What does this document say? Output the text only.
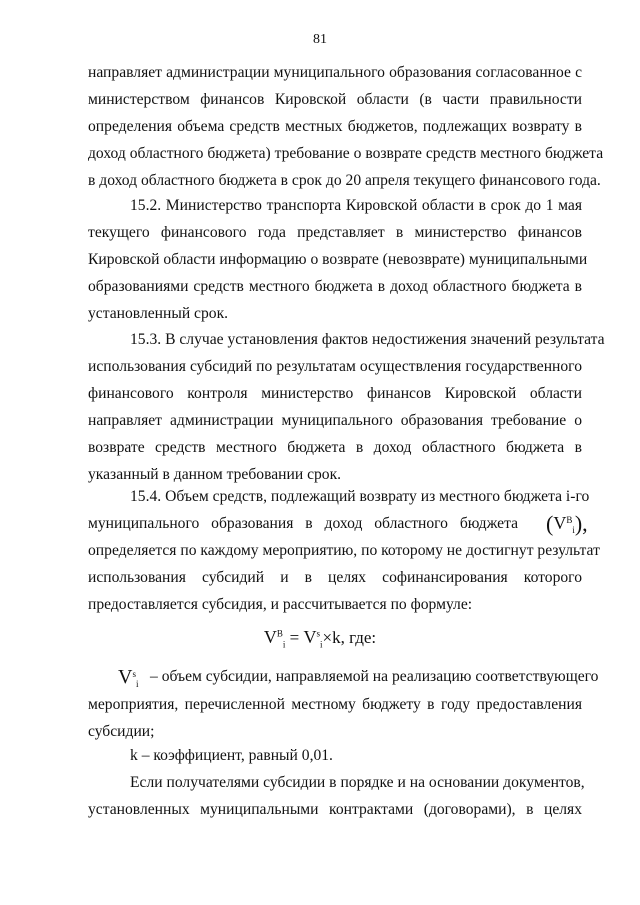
81
направляет администрации муниципального образования согласованное с
министерством финансов Кировской области (в части правильности
определения объема средств местных бюджетов, подлежащих возврату в
доход областного бюджета) требование о возврате средств местного бюджета
в доход областного бюджета в срок до 20 апреля текущего финансового года.
15.2. Министерство транспорта Кировской области в срок до 1 мая
текущего финансового года представляет в министерство финансов
Кировской области информацию о возврате (невозврате) муниципальными
образованиями средств местного бюджета в доход областного бюджета в
установленный срок.
15.3. В случае установления фактов недостижения значений результата
использования субсидий по результатам осуществления государственного
финансового контроля министерство финансов Кировской области
направляет администрации муниципального образования требование о
возврате средств местного бюджета в доход областного бюджета в
указанный в данном требовании срок.
15.4. Объем средств, подлежащий возврату из местного бюджета i-го
муниципального образования в доход областного бюджета $(V^B_i)$,
определяется по каждому мероприятию, по которому не достигнут результат
использования субсидий и в целях софинансирования которого
предоставляется субсидия, и рассчитывается по формуле:
$V^B_i = V^s_i\times k$, где:
$V^s_i$ – объем субсидии, направляемой на реализацию соответствующего
мероприятия, перечисленной местному бюджету в году предоставления
субсидии;
k – коэффициент, равный 0,01.
Если получателями субсидии в порядке и на основании документов,
установленных муниципальными контрактами (договорами), в целях
